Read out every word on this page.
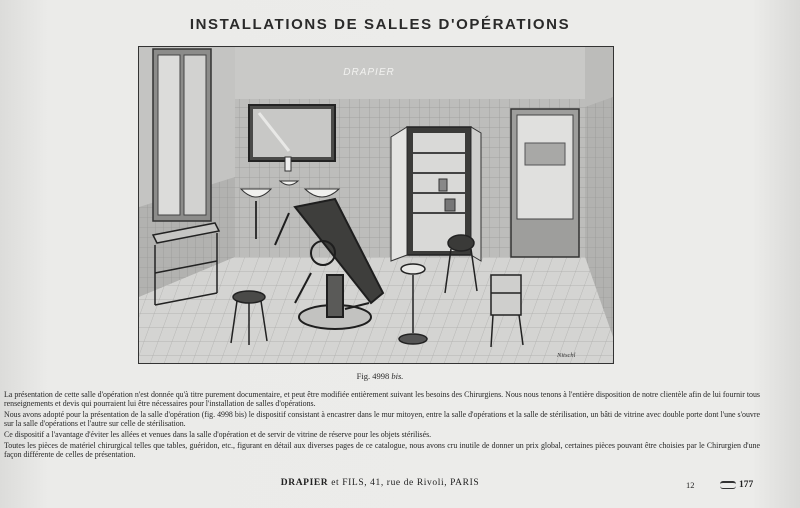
INSTALLATIONS DE SALLES D'OPÉRATIONS
DRAPIER
Nitschl
Fig. 4998 bis.

La présentation de cette salle d'opération n'est donnée qu'à titre purement documentaire, et peut être modifiée entièrement suivant les besoins des Chirurgiens. Nous nous tenons à l'entière disposition de notre clientèle afin de lui fournir tous renseignements et devis qui pourraient lui être nécessaires pour l'installation de salles d'opérations.

Nous avons adopté pour la présentation de la salle d'opération (fig. 4998 bis) le dispositif consistant à encastrer dans le mur mitoyen, entre la salle d'opérations et la salle de stérilisation, un bâti de vitrine avec double porte dont l'une s'ouvre sur la salle d'opérations et l'autre sur celle de stérilisation.

Ce dispositif a l'avantage d'éviter les allées et venues dans la salle d'opération et de servir de vitrine de réserve pour les objets stérilisés.

Toutes les pièces de matériel chirurgical telles que tables, guéridon, etc., figurant en détail aux diverses pages de ce catalogue, nous avons cru inutile de donner un prix global, certaines pièces pouvant être choisies par le Chirurgien d'une façon différente de celles de présentation.

DRAPIER et FILS, 41, rue de Rivoli, PARIS	12	177
